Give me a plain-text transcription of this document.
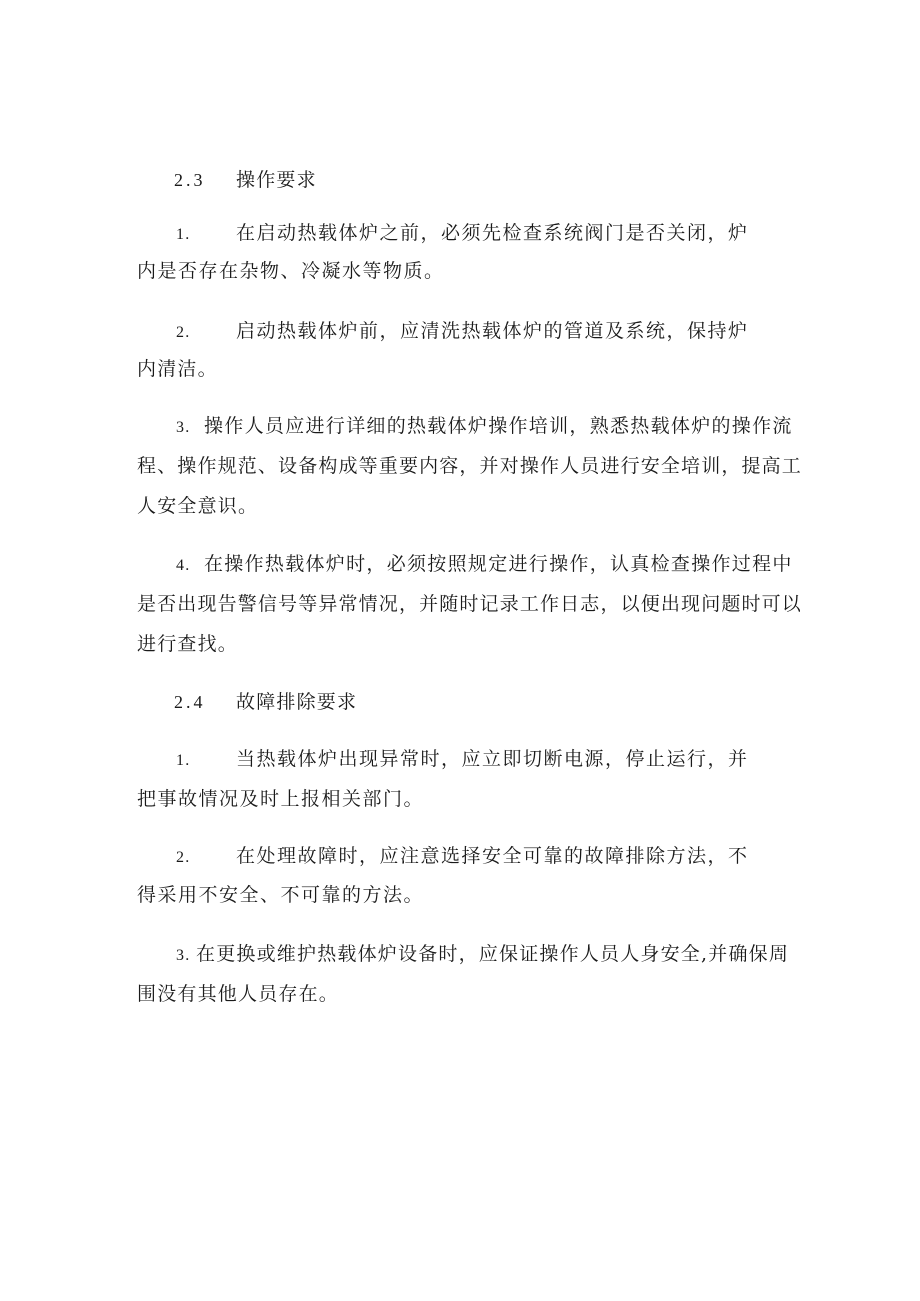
2.3 操作要求
1. 在启动热载体炉之前，必须先检查系统阀门是否关闭，炉
内是否存在杂物、冷凝水等物质。
2. 启动热载体炉前，应清洗热载体炉的管道及系统，保持炉
内清洁。
3. 操作人员应进行详细的热载体炉操作培训，熟悉热载体炉的操作流
程、操作规范、设备构成等重要内容，并对操作人员进行安全培训，提高工
人安全意识。
4. 在操作热载体炉时，必须按照规定进行操作，认真检查操作过程中
是否出现告警信号等异常情况，并随时记录工作日志，以便出现问题时可以
进行查找。
2.4 故障排除要求
1. 当热载体炉出现异常时，应立即切断电源，停止运行，并
把事故情况及时上报相关部门。
2. 在处理故障时，应注意选择安全可靠的故障排除方法，不
得采用不安全、不可靠的方法。
3. 在更换或维护热载体炉设备时，应保证操作人员人身安全,并确保周
围没有其他人员存在。
